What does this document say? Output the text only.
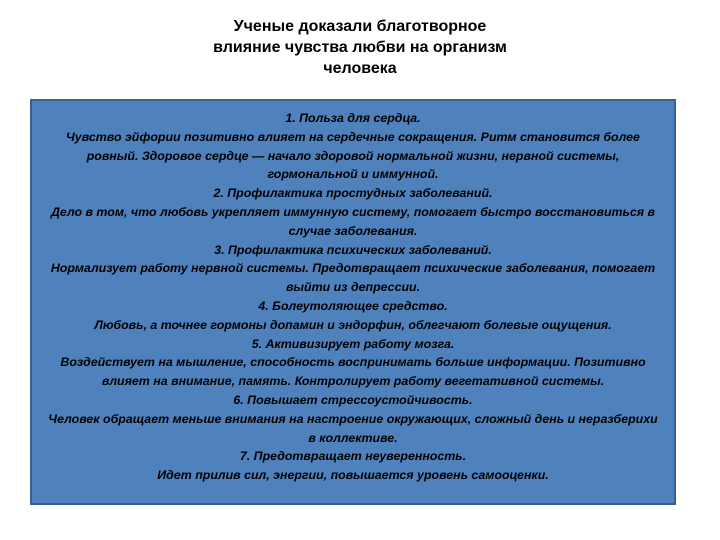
Ученые доказали благотворное
влияние чувства любви на организм
человека

1. Польза для сердца.

Чувство эйфории позитивно влияет на сердечные сокращения. Ритм становится более ровный. Здоровое сердце — начало здоровой нормальной жизни, нервной системы, гормональной и иммунной.

2. Профилактика простудных заболеваний.

Дело в том, что любовь укрепляет иммунную систему, помогает быстро восстановиться в случае заболевания.

3. Профилактика психических заболеваний.

Нормализует работу нервной системы. Предотвращает психические заболевания, помогает выйти из депрессии.

4. Болеутоляющее средство.

Любовь, а точнее гормоны допамин и эндорфин, облегчают болевые ощущения.

5. Активизирует работу мозга.

Воздействует на мышление, способность воспринимать больше информации. Позитивно влияет на внимание, память. Контролирует работу вегетативной системы.

6. Повышает стрессоустойчивость.

Человек обращает меньше внимания на настроение окружающих, сложный день и неразберихи в коллективе.

7. Предотвращает неуверенность.

Идет прилив сил, энергии, повышается уровень самооценки.
